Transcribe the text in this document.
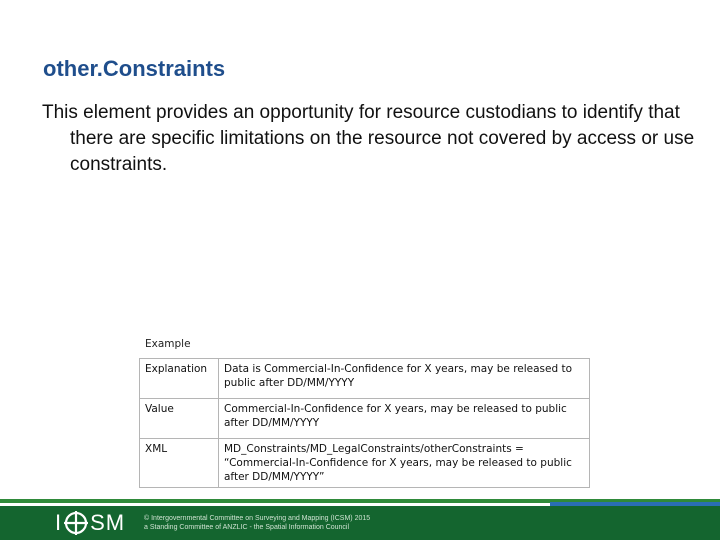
other.Constraints

This element provides an opportunity for resource custodians to identify that there are specific limitations on the resource not covered by access or use constraints.

Example

Explanation	Data is Commercial-In-Confidence for X years, may be released to public after DD/MM/YYYY
Value	Commercial-In-Confidence for X years, may be released to public after DD/MM/YYYY
XML	MD_Constraints/MD_LegalConstraints/otherConstraints = “Commercial-In-Confidence for X years, may be released to public after DD/MM/YYYY”
I SM	© Intergovernmental Committee on Surveying and Mapping (ICSM) 2015
a Standing Committee of ANZLIC - the Spatial Information Council
